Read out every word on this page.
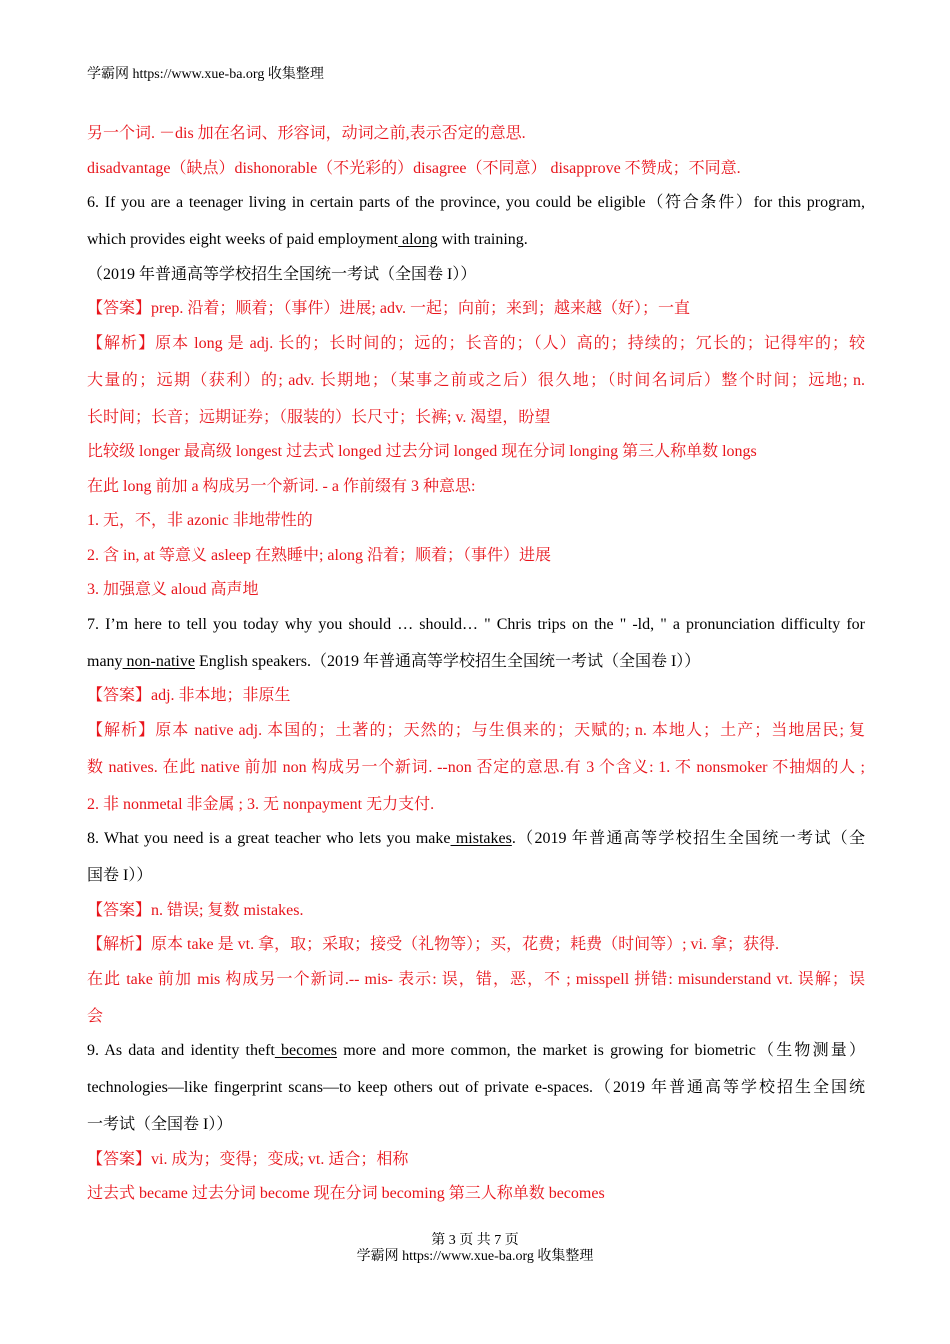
学霸网 https://www.xue-ba.org 收集整理
另一个词. －dis 加在名词、形容词，动词之前,表示否定的意思.
disadvantage（缺点）dishonorable（不光彩的）disagree（不同意） disapprove 不赞成；不同意.
6. If you are a teenager living in certain parts of the province, you could be eligible（符合条件）for this program,
which provides eight weeks of paid employment along with training.
（2019 年普通高等学校招生全国统一考试（全国卷 I））
【答案】prep. 沿着；顺着；（事件）进展; adv. 一起；向前；来到；越来越（好）；一直
【解析】原本 long 是 adj. 长的；长时间的；远的；长音的；（人）高的；持续的；冗长的；记得牢的；较
大量的；远期（获利）的; adv. 长期地；（某事之前或之后）很久地；（时间名词后）整个时间；远地; n.
长时间；长音；远期证券；（服装的）长尺寸；长裤; v. 渴望，盼望
比较级 longer 最高级 longest 过去式 longed 过去分词 longed 现在分词 longing 第三人称单数 longs
在此 long 前加 a 构成另一个新词. - a 作前缀有 3 种意思:
1. 无，不，非 azonic 非地带性的
2. 含 in, at 等意义 asleep 在熟睡中; along 沿着；顺着；（事件）进展
3. 加强意义 aloud 高声地
7. I’m here to tell you today why you should … should… " Chris trips on the " -ld, " a pronunciation difficulty for
many non-native English speakers.（2019 年普通高等学校招生全国统一考试（全国卷 I））
【答案】adj. 非本地；非原生
【解析】原本 native adj. 本国的；土著的；天然的；与生俱来的；天赋的; n. 本地人；土产；当地居民; 复
数 natives. 在此 native 前加 non 构成另一个新词. --non 否定的意思.有 3 个含义: 1. 不 nonsmoker 不抽烟的人 ;
2. 非 nonmetal 非金属 ; 3. 无 nonpayment 无力支付.
8. What you need is a great teacher who lets you make mistakes.（2019 年普通高等学校招生全国统一考试（全
国卷 I））
【答案】n. 错误; 复数 mistakes.
【解析】原本 take 是 vt. 拿，取；采取；接受（礼物等）；买，花费；耗费（时间等）; vi. 拿；获得.
在此 take 前加 mis 构成另一个新词.-- mis- 表示: 误，错，恶，不 ; misspell 拼错: misunderstand vt. 误解；误
会
9. As data and identity theft becomes more and more common, the market is growing for biometric（生物测量）
technologies—like fingerprint scans—to keep others out of private e-spaces.（2019 年普通高等学校招生全国统
一考试（全国卷 I））
【答案】vi. 成为；变得；变成; vt. 适合；相称
过去式 became 过去分词 become 现在分词 becoming 第三人称单数 becomes
第 3 页 共 7 页
学霸网 https://www.xue-ba.org 收集整理
